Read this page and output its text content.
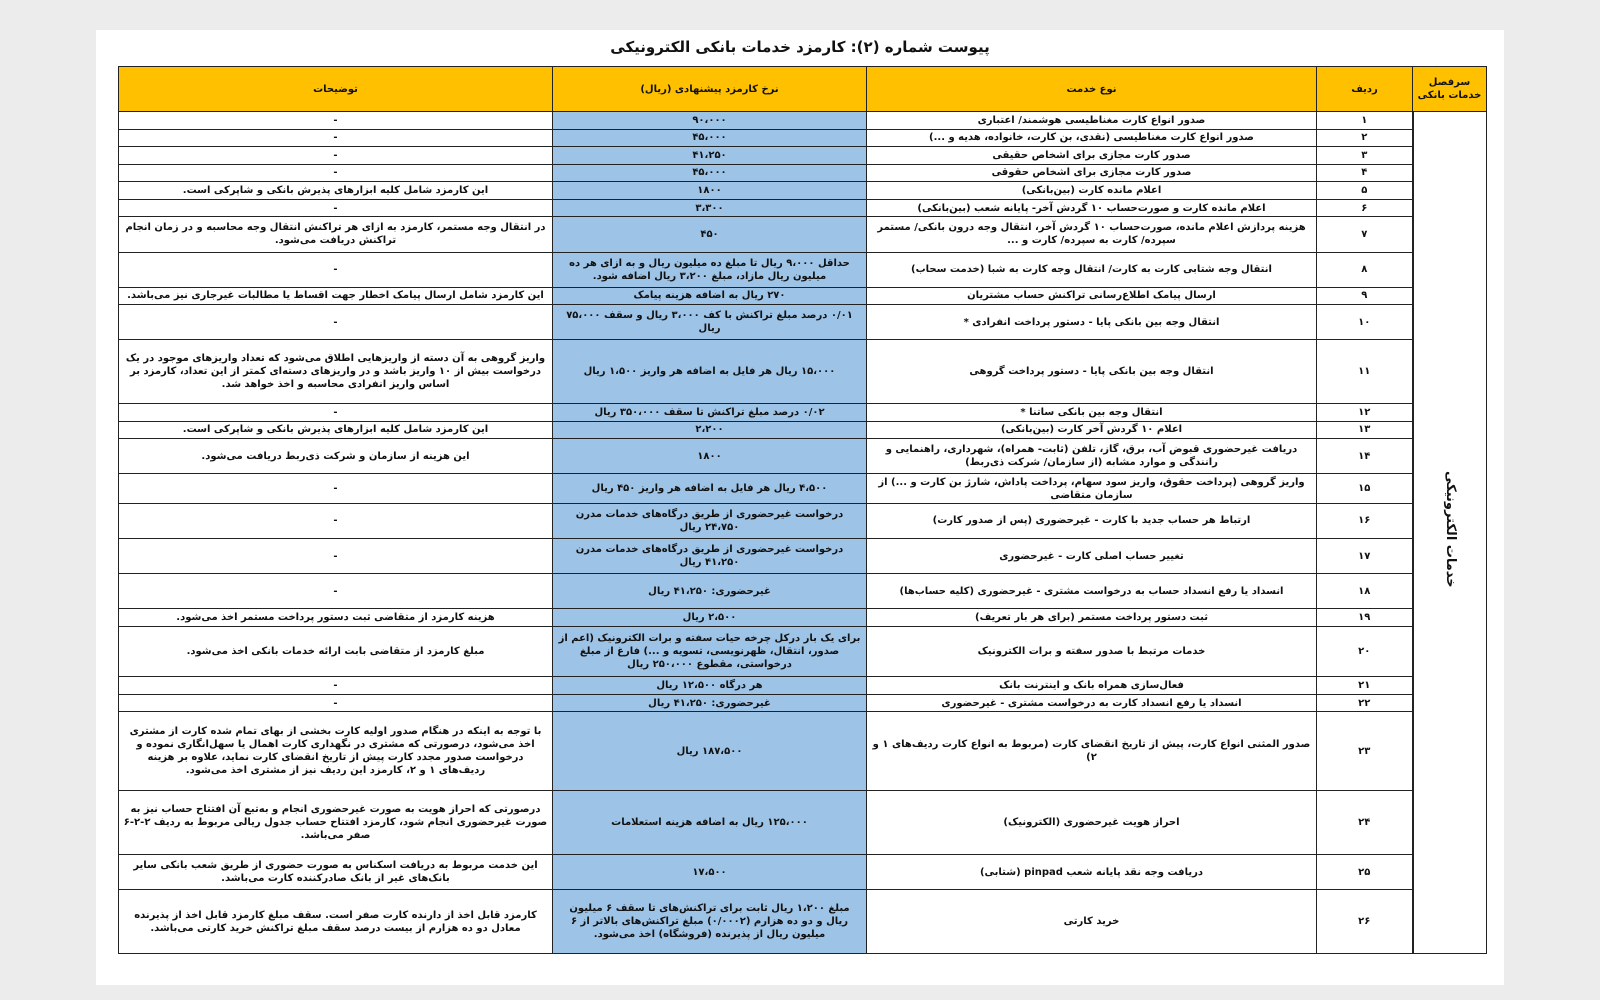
پیوست شماره (۲): کارمزد خدمات بانکی الکترونیکی
سرفصل خدمات بانکی	ردیف	نوع خدمت	نرخ کارمزد پیشنهادی (ریال)	توضیحات
خدمات الکترونیکی	۱	صدور انواع کارت مغناطیسی هوشمند/ اعتباری	۹۰،۰۰۰	-
	۲	صدور انواع کارت مغناطیسی (نقدی، بن کارت، خانواده، هدیه و ...)	۴۵،۰۰۰	-
	۳	صدور کارت مجازی برای اشخاص حقیقی	۴۱،۲۵۰	-
	۴	صدور کارت مجازی برای اشخاص حقوقی	۴۵،۰۰۰	-
	۵	اعلام مانده کارت (بین‌بانکی)	۱۸۰۰	این کارمزد شامل کلیه ابزارهای پذیرش بانکی و شاپرکی است.
	۶	اعلام مانده کارت و صورت‌حساب ۱۰ گردش آخر- پایانه شعب (بین‌بانکی)	۳،۳۰۰	-
	۷	هزینه پردازش اعلام مانده، صورت‌حساب ۱۰ گردش آخر، انتقال وجه درون بانکی/ مستمر سپرده/ کارت به سپرده/ کارت و ...	۴۵۰	در انتقال وجه مستمر، کارمزد به ازای هر تراکنش انتقال وجه محاسبه و در زمان انجام تراکنش دریافت می‌شود.
	۸	انتقال وجه شتابی کارت به کارت/ انتقال وجه کارت به شبا (خدمت سحاب)	حداقل ۹،۰۰۰ ریال تا مبلغ ده میلیون ریال و به ازای هر ده میلیون ریال مازاد، مبلغ ۳،۲۰۰ ریال اضافه شود.	-
	۹	ارسال پیامک اطلاع‌رسانی تراکنش حساب مشتریان	۲۷۰ ریال به اضافه هزینه پیامک	این کارمزد شامل ارسال پیامک اخطار جهت اقساط یا مطالبات غیرجاری نیز می‌باشد.
	۱۰	انتقال وجه بین بانکی پایا - دستور پرداخت انفرادی *	۰/۰۱ درصد مبلغ تراکنش با کف ۳،۰۰۰ ریال و سقف ۷۵،۰۰۰ ریال	-
	۱۱	انتقال وجه بین بانکی پایا - دستور پرداخت گروهی	۱۵،۰۰۰ ریال هر فایل به اضافه هر واریز ۱،۵۰۰ ریال	واریز گروهی به آن دسته از واریزهایی اطلاق می‌شود که تعداد واریزهای موجود در یک درخواست بیش از ۱۰ واریز باشد و در واریزهای دسته‌ای کمتر از این تعداد، کارمزد بر اساس واریز انفرادی محاسبه و اخذ خواهد شد.
	۱۲	انتقال وجه بین بانکی ساتنا *	۰/۰۲ درصد مبلغ تراکنش تا سقف ۳۵۰،۰۰۰ ریال	-
	۱۳	اعلام ۱۰ گردش آخر کارت (بین‌بانکی)	۲،۲۰۰	این کارمزد شامل کلیه ابزارهای پذیرش بانکی و شاپرکی است.
	۱۴	دریافت غیرحضوری قبوض آب، برق، گاز، تلفن (ثابت- همراه)، شهرداری، راهنمایی و رانندگی و موارد مشابه (از سازمان/ شرکت ذی‌ربط)	۱۸۰۰	این هزینه از سازمان و شرکت ذی‌ربط دریافت می‌شود.
	۱۵	واریز گروهی (پرداخت حقوق، واریز سود سهام، پرداخت پاداش، شارژ بن کارت و ...) از سازمان متقاضی	۴،۵۰۰ ریال هر فایل به اضافه هر واریز ۴۵۰ ریال	-
	۱۶	ارتباط هر حساب جدید با کارت - غیرحضوری (پس از صدور کارت)	درخواست غیرحضوری از طریق درگاه‌های خدمات مدرن ۲۴،۷۵۰ ریال	-
	۱۷	تغییر حساب اصلی کارت - غیرحضوری	درخواست غیرحضوری از طریق درگاه‌های خدمات مدرن ۴۱،۲۵۰ ریال	-
	۱۸	انسداد یا رفع انسداد حساب به درخواست مشتری - غیرحضوری (کلیه حساب‌ها)	غیرحضوری: ۴۱،۲۵۰ ریال	-
	۱۹	ثبت دستور پرداخت مستمر (برای هر بار تعریف)	۲،۵۰۰ ریال	هزینه کارمزد از متقاضی ثبت دستور پرداخت مستمر اخذ می‌شود.
	۲۰	خدمات مرتبط با صدور سفته و برات الکترونیک	برای یک بار درکل چرخه حیات سفته و برات الکترونیک (اعم از صدور، انتقال، ظهرنویسی، تسویه و ...) فارغ از مبلغ درخواستی، مقطوع ۲۵۰،۰۰۰ ریال	مبلغ کارمزد از متقاضی بابت ارائه خدمات بانکی اخذ می‌شود.
	۲۱	فعال‌سازی همراه بانک و اینترنت بانک	هر درگاه ۱۲،۵۰۰ ریال	-
	۲۲	انسداد یا رفع انسداد کارت به درخواست مشتری - غیرحضوری	غیرحضوری: ۴۱،۲۵۰ ریال	-
	۲۳	صدور المثنی انواع کارت، پیش از تاریخ انقضای کارت (مربوط به انواع کارت ردیف‌های ۱ و ۲)	۱۸۷،۵۰۰ ریال	با توجه به اینکه در هنگام صدور اولیه کارت بخشی از بهای تمام شده کارت از مشتری اخذ می‌شود، درصورتی که مشتری در نگهداری کارت اهمال یا سهل‌انگاری نموده و درخواست صدور مجدد کارت پیش از تاریخ انقضای کارت نماید، علاوه بر هزینه ردیف‌های ۱ و ۲، کارمزد این ردیف نیز از مشتری اخذ می‌شود.
	۲۴	احراز هویت غیرحضوری (الکترونیک)	۱۲۵،۰۰۰ ریال به اضافه هزینه استعلامات	درصورتی که احراز هویت به صورت غیرحضوری انجام و به‌تبع آن افتتاح حساب نیز به صورت غیرحضوری انجام شود، کارمزد افتتاح حساب جدول ریالی مربوط به ردیف ۲-۲-۶ صفر می‌باشد.
	۲۵	دریافت وجه نقد پایانه شعب pinpad (شتابی)	۱۷،۵۰۰	این خدمت مربوط به دریافت اسکناس به صورت حضوری از طریق شعب بانکی سایر بانک‌های غیر از بانک صادرکننده کارت می‌باشد.
	۲۶	خرید کارتی	مبلغ ۱،۲۰۰ ریال ثابت برای تراکنش‌های تا سقف ۶ میلیون ریال و دو ده هزارم (۰/۰۰۰۲) مبلغ تراکنش‌های بالاتر از ۶ میلیون ریال از پذیرنده (فروشگاه) اخذ می‌شود.	کارمزد قابل اخذ از دارنده کارت صفر است. سقف مبلغ کارمزد قابل اخذ از پذیرنده معادل دو ده هزارم از بیست درصد سقف مبلغ تراکنش خرید کارتی می‌باشد.
